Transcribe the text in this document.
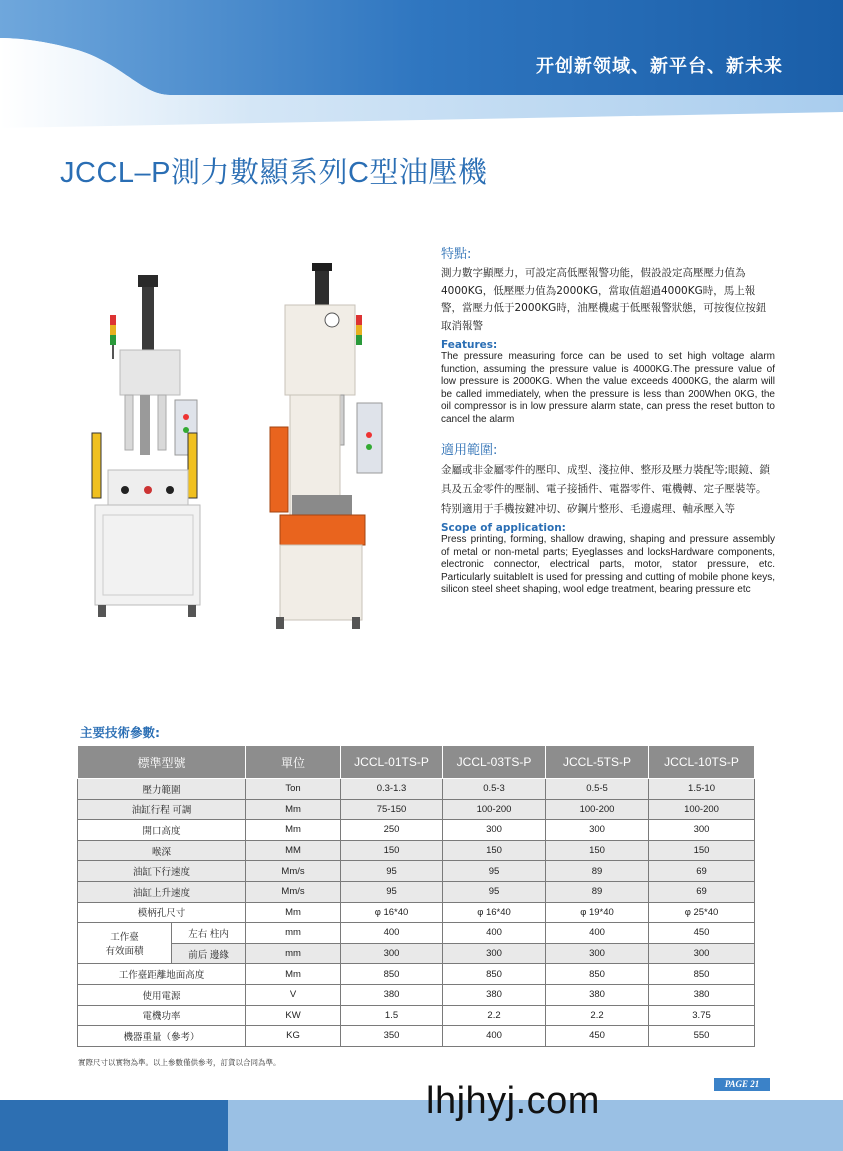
开创新领域、新平台、新未来
JCCL–P測力數顯系列C型油壓機
特點:

測力數字顯壓力，可設定高低壓報警功能，假設設定高壓壓力值為4000KG，低壓壓力值為2000KG，當取值超過4000KG時，馬上報警，當壓力低于2000KG時，油壓機處于低壓報警狀態，可按復位按鈕取消報警

Features:

The pressure measuring force can be used to set high voltage alarm function, assuming the pressure value is 4000KG.The pressure value of low pressure is 2000KG. When the value exceeds 4000KG, the alarm will be called immediately, when the pressure is less than 200When 0KG, the oil compressor is in low pressure alarm state, can press the reset button to cancel the alarm

適用範圍:

金屬或非金屬零件的壓印、成型、淺拉伸、整形及壓力裝配等;眼鏡、鎖具及五金零件的壓制、電子接插件、電器零件、電機轉、定子壓裝等。特别適用于手機按鍵冲切、矽鋼片整形、毛邊處理、軸承壓入等

Scope of application:

Press printing, forming, shallow drawing, shaping and pressure assembly of metal or non-metal parts; Eyeglasses and locksHardware components, electronic connector, electrical parts, motor, stator pressure, etc. Particularly suitableIt is used for pressing and cutting of mobile phone keys, silicon steel sheet shaping, wool edge treatment, bearing pressure etc

主要技術參數:
標準型號		單位	JCCL-01TS-P	JCCL-03TS-P	JCCL-5TS-P	JCCL-10TS-P
壓力範圍		Ton	0.3-1.3	0.5-3	0.5-5	1.5-10
油缸行程 可調		Mm	75-150	100-200	100-200	100-200
開口高度		Mm	250	300	300	300
喉深		MM	150	150	150	150
油缸下行速度		Mm/s	95	95	89	69
油缸上升速度		Mm/s	95	95	89	69
模柄孔尺寸		Mm	φ 16*40	φ 16*40	φ 19*40	φ 25*40

工作臺
有效面積	左右 柱内	mm	400	400	400	450
	前后 邊緣	mm	300	300	300	300
工作臺距離地面高度		Mm	850	850	850	850
使用電源		V	380	380	380	380
電機功率		KW	1.5	2.2	2.2	3.75
機器重量（參考）		KG	350	400	450	550
實際尺寸以實物為準。以上參數僅供參考，訂貨以合同為準。
PAGE 21
lhjhyj.com
